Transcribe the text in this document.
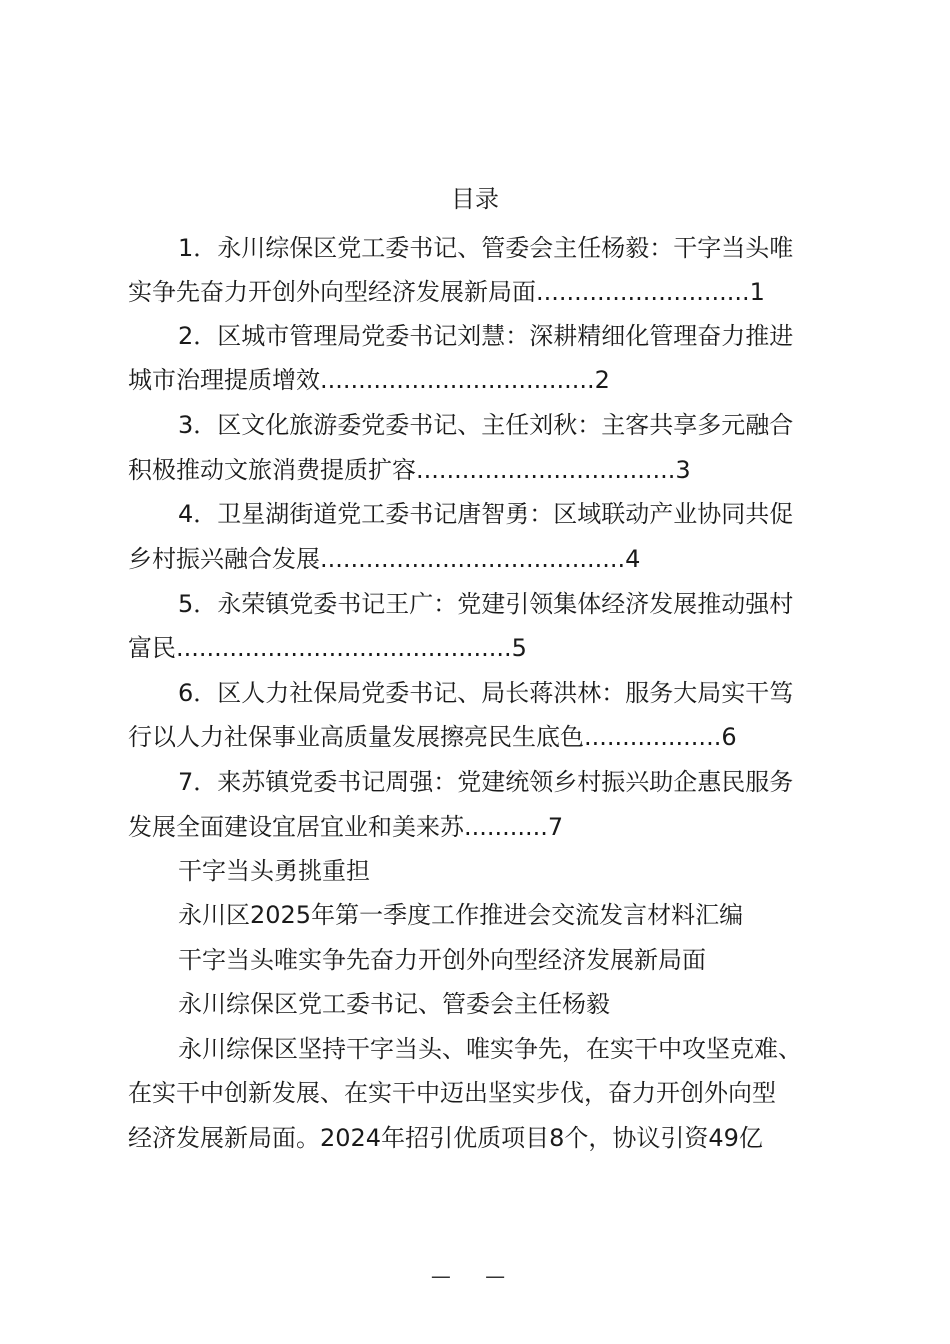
目录
1．永川综保区党工委书记、管委会主任杨毅：干字当头唯
实争先奋力开创外向型经济发展新局面............................1
2．区城市管理局党委书记刘慧：深耕精细化管理奋力推进
城市治理提质增效....................................2
3．区文化旅游委党委书记、主任刘秋：主客共享多元融合
积极推动文旅消费提质扩容..................................3
4．卫星湖街道党工委书记唐智勇：区域联动产业协同共促
乡村振兴融合发展........................................4
5．永荣镇党委书记王广：党建引领集体经济发展推动强村
富民............................................5
6．区人力社保局党委书记、局长蒋洪林：服务大局实干笃
行以人力社保事业高质量发展擦亮民生底色..................6
7．来苏镇党委书记周强：党建统领乡村振兴助企惠民服务
发展全面建设宜居宜业和美来苏...........7
干字当头勇挑重担
永川区2025年第一季度工作推进会交流发言材料汇编
干字当头唯实争先奋力开创外向型经济发展新局面
永川综保区党工委书记、管委会主任杨毅
永川综保区坚持干字当头、唯实争先，在实干中攻坚克难、
在实干中创新发展、在实干中迈出坚实步伐，奋力开创外向型
经济发展新局面。2024年招引优质项目8个，协议引资49亿
— —
